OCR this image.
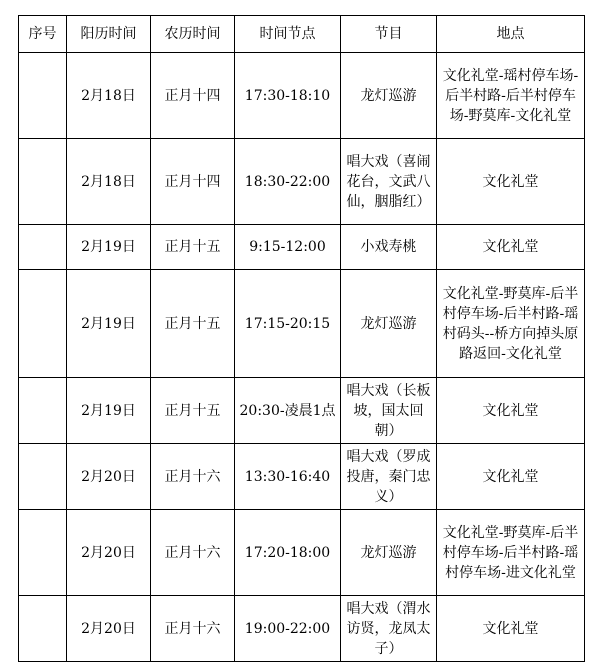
序号	阳历时间	农历时间	时间节点	节目	地点
	2月18日	正月十四	17:30-18:10	龙灯巡游	文化礼堂-瑶村停车场-后半村路-后半村停车场-野莫库-文化礼堂
	2月18日	正月十四	18:30-22:00	唱大戏（喜闹花台，文武八仙，胭脂红）	文化礼堂
	2月19日	正月十五	9:15-12:00	小戏寿桃	文化礼堂
	2月19日	正月十五	17:15-20:15	龙灯巡游	文化礼堂-野莫库-后半村停车场-后半村路-瑶村码头--桥方向掉头原路返回-文化礼堂
	2月19日	正月十五	20:30-凌晨1点	唱大戏（长板坡，国太回朝）	文化礼堂
	2月20日	正月十六	13:30-16:40	唱大戏（罗成投唐，秦门忠义）	文化礼堂
	2月20日	正月十六	17:20-18:00	龙灯巡游	文化礼堂-野莫库-后半村停车场-后半村路-瑶村停车场-进文化礼堂
	2月20日	正月十六	19:00-22:00	唱大戏（渭水访贤，龙凤太子）	文化礼堂
